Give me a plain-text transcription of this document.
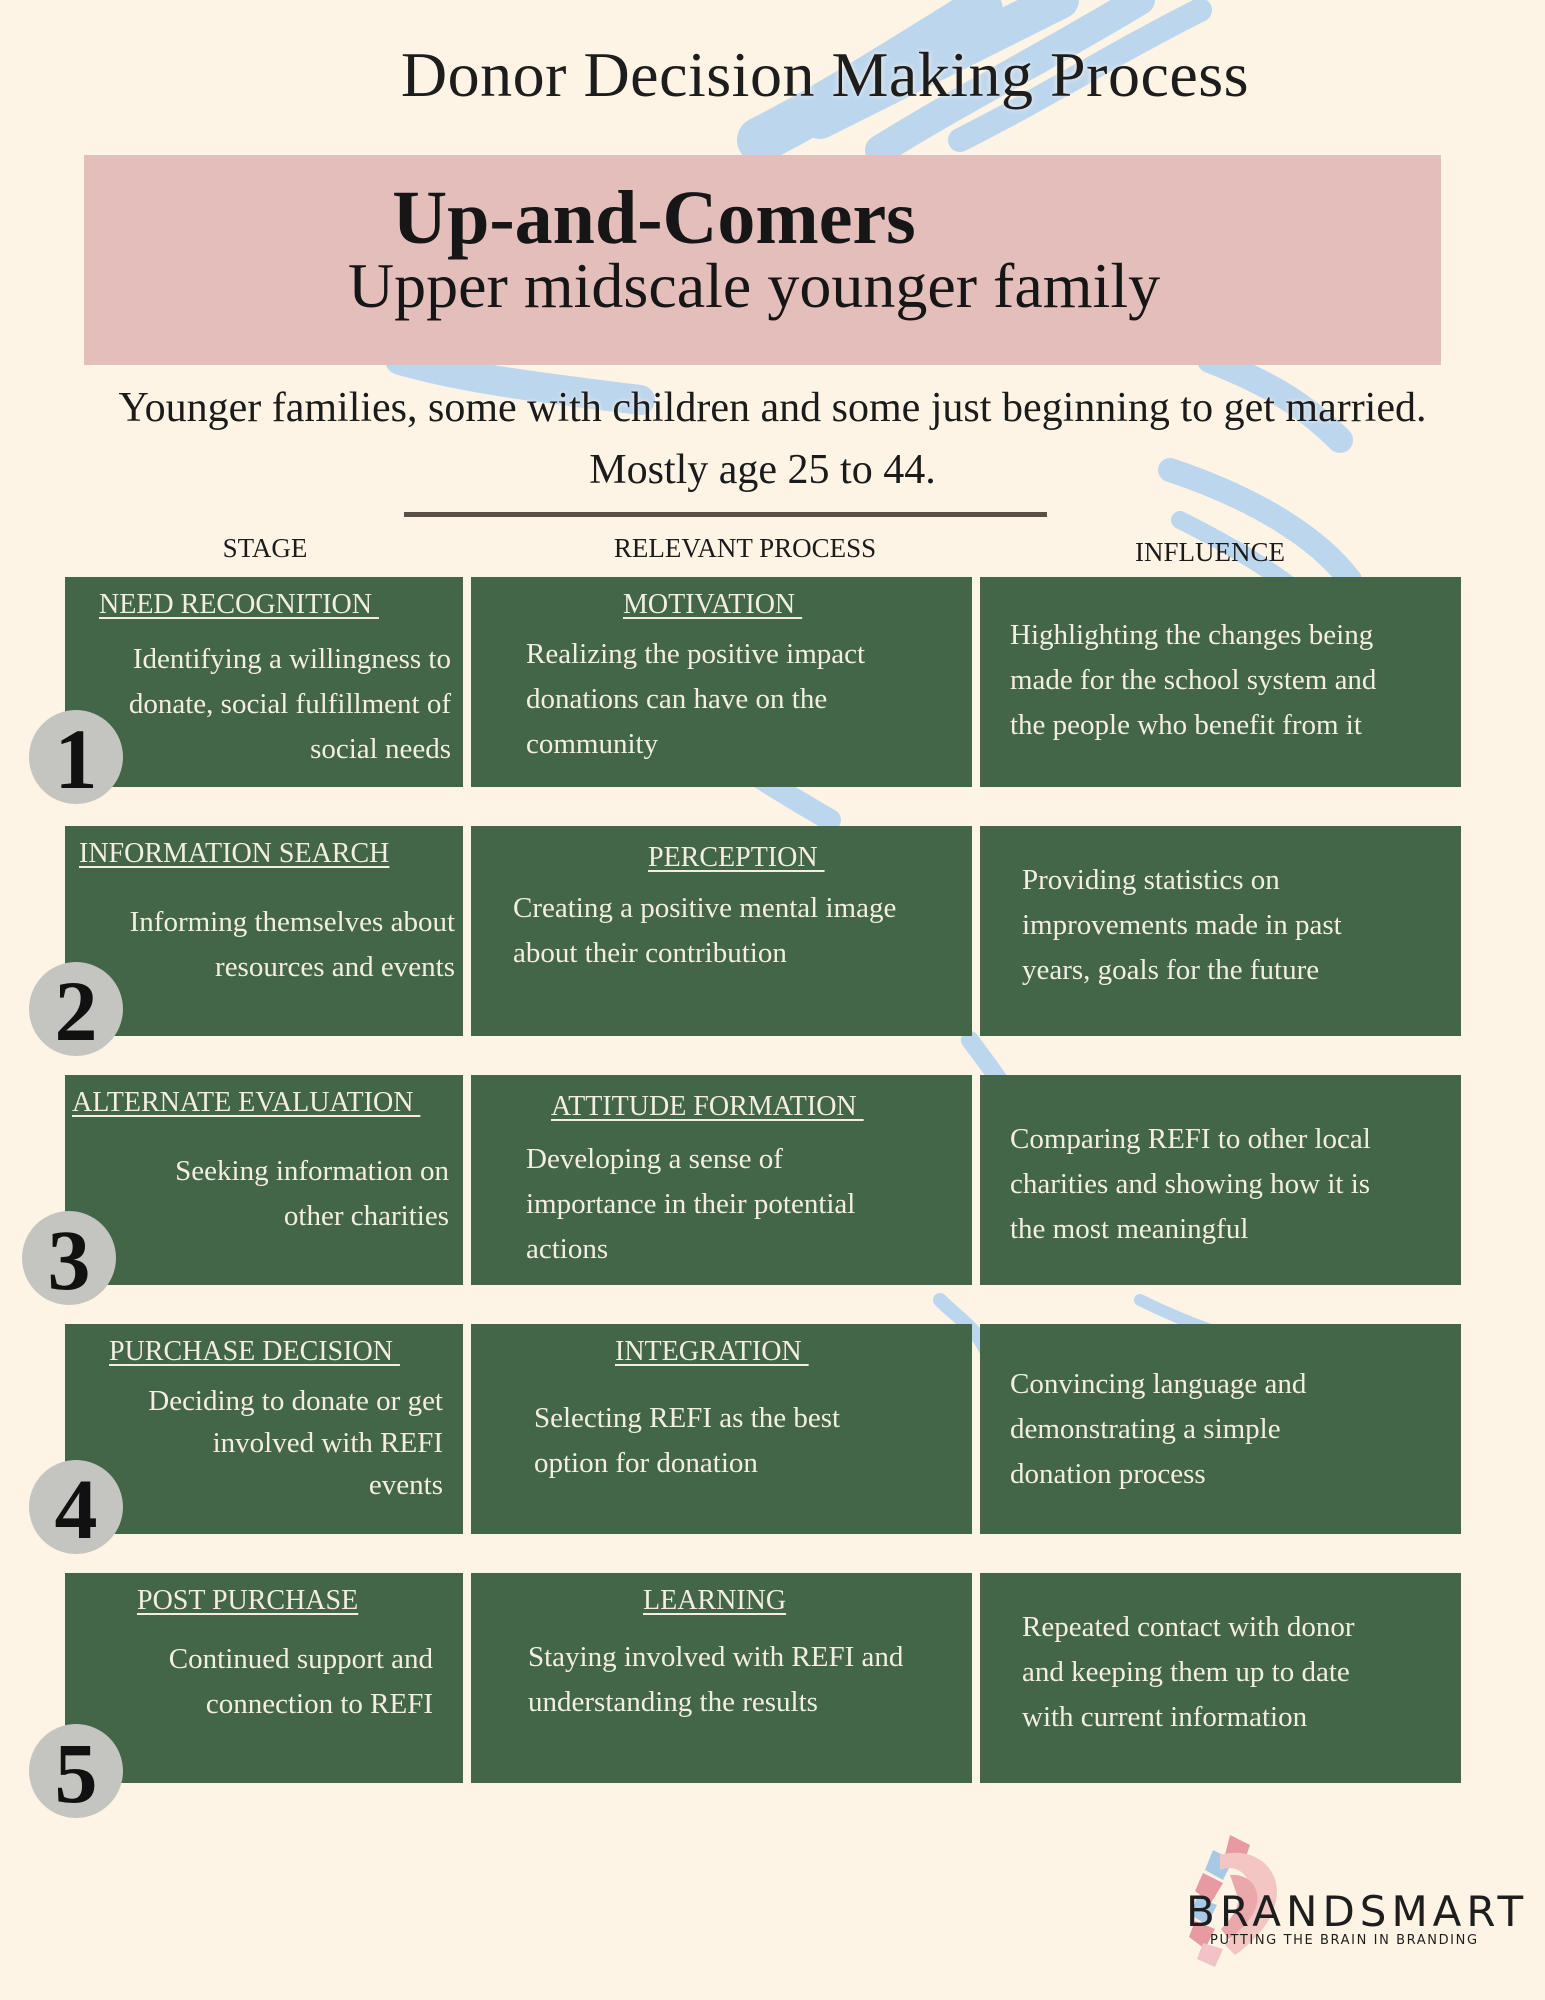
Donor Decision Making Process
Up-and-Comers
Upper midscale younger family
Younger families, some with children and some just beginning to get married.
Mostly age 25 to 44.
STAGE	RELEVANT PROCESS	INFLUENCE
NEED RECOGNITION
Identifying a willingness to
donate, social fulfillment of
social needs
MOTIVATION
Realizing the positive impact
donations can have on the
community
Highlighting the changes being
made for the school system and
the people who benefit from it
1
INFORMATION SEARCH
Informing themselves about
resources and events
PERCEPTION
Creating a positive mental image
about their contribution
Providing statistics on
improvements made in past
years, goals for the future
2
ALTERNATE EVALUATION
Seeking information on
other charities
ATTITUDE FORMATION
Developing a sense of
importance in their potential
actions
Comparing REFI to other local
charities and showing how it is
the most meaningful
3
PURCHASE DECISION
Deciding to donate or get
involved with REFI
events
INTEGRATION
Selecting REFI as the best
option for donation
Convincing language and
demonstrating a simple
donation process
4
POST PURCHASE
Continued support and
connection to REFI
LEARNING
Staying involved with REFI and
understanding the results
Repeated contact with donor
and keeping them up to date
with current information
5
BRANDSMART
PUTTING THE BRAIN IN BRANDING
